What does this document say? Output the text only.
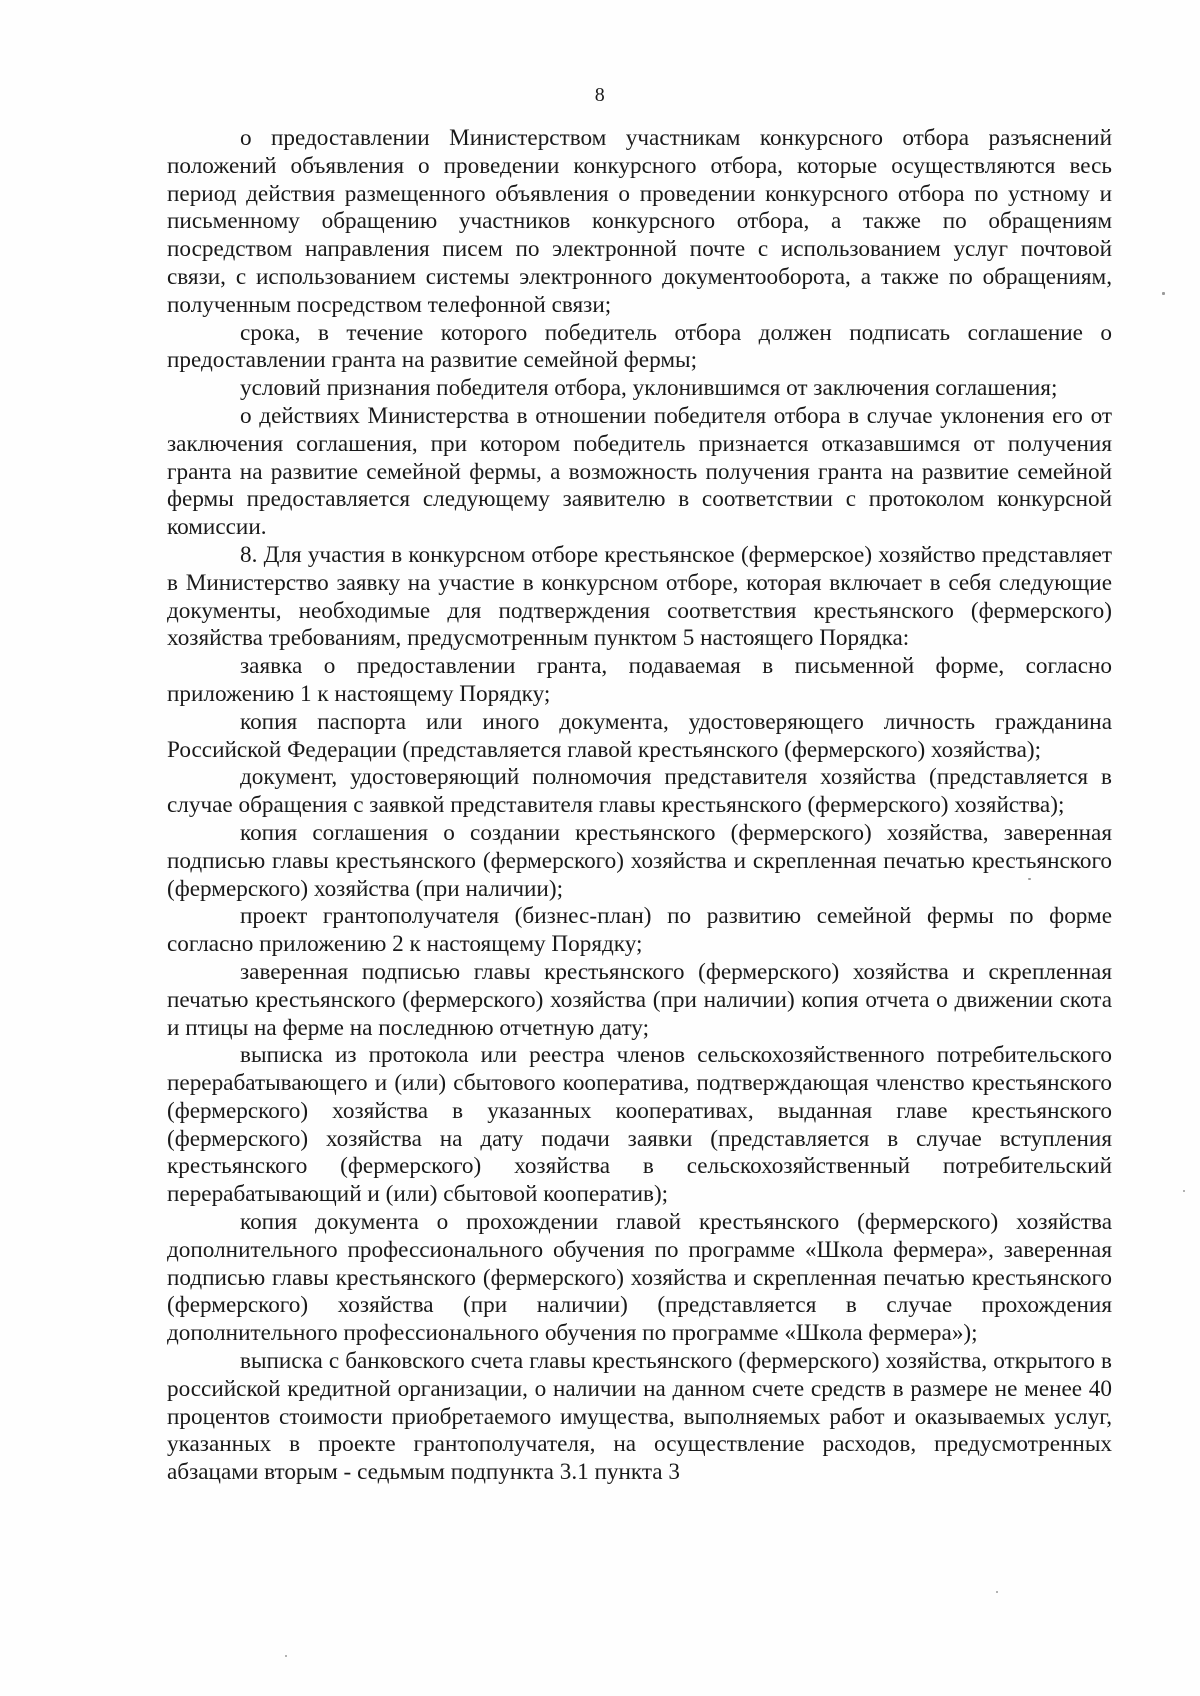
8

о предоставлении Министерством участникам конкурсного отбора разъяснений положений объявления о проведении конкурсного отбора, которые осуществляются весь период действия размещенного объявления о проведении конкурсного отбора по устному и письменному обращению участников конкурсного отбора, а также по обращениям посредством направления писем по электронной почте с использованием услуг почтовой связи, с использованием системы электронного документооборота, а также по обращениям, полученным посредством телефонной связи;

срока, в течение которого победитель отбора должен подписать соглашение о предоставлении гранта на развитие семейной фермы;

условий признания победителя отбора, уклонившимся от заключения соглашения;

о действиях Министерства в отношении победителя отбора в случае уклонения его от заключения соглашения, при котором победитель признается отказавшимся от получения гранта на развитие семейной фермы, а возможность получения гранта на развитие семейной фермы предоставляется следующему заявителю в соответствии с протоколом конкурсной комиссии.

8. Для участия в конкурсном отборе крестьянское (фермерское) хозяйство представляет в Министерство заявку на участие в конкурсном отборе, которая включает в себя следующие документы, необходимые для подтверждения соответствия крестьянского (фермерского) хозяйства требованиям, предусмотренным пунктом 5 настоящего Порядка:

заявка о предоставлении гранта, подаваемая в письменной форме, согласно приложению 1 к настоящему Порядку;

копия паспорта или иного документа, удостоверяющего личность гражданина Российской Федерации (представляется главой крестьянского (фермерского) хозяйства);

документ, удостоверяющий полномочия представителя хозяйства (представляется в случае обращения с заявкой представителя главы крестьянского (фермерского) хозяйства);

копия соглашения о создании крестьянского (фермерского) хозяйства, заверенная подписью главы крестьянского (фермерского) хозяйства и скрепленная печатью крестьянского (фермерского) хозяйства (при наличии);

проект грантополучателя (бизнес-план) по развитию семейной фермы по форме согласно приложению 2 к настоящему Порядку;

заверенная подписью главы крестьянского (фермерского) хозяйства и скрепленная печатью крестьянского (фермерского) хозяйства (при наличии) копия отчета о движении скота и птицы на ферме на последнюю отчетную дату;

выписка из протокола или реестра членов сельскохозяйственного потребительского перерабатывающего и (или) сбытового кооператива, подтверждающая членство крестьянского (фермерского) хозяйства в указанных кооперативах, выданная главе крестьянского (фермерского) хозяйства на дату подачи заявки (представляется в случае вступления крестьянского (фермерского) хозяйства в сельскохозяйственный потребительский перерабатывающий и (или) сбытовой кооператив);

копия документа о прохождении главой крестьянского (фермерского) хозяйства дополнительного профессионального обучения по программе «Школа фермера», заверенная подписью главы крестьянского (фермерского) хозяйства и скрепленная печатью крестьянского (фермерского) хозяйства (при наличии) (представляется в случае прохождения дополнительного профессионального обучения по программе «Школа фермера»);

выписка с банковского счета главы крестьянского (фермерского) хозяйства, открытого в российской кредитной организации, о наличии на данном счете средств в размере не менее 40 процентов стоимости приобретаемого имущества, выполняемых работ и оказываемых услуг, указанных в проекте грантополучателя, на осуществление расходов, предусмотренных абзацами вторым - седьмым подпункта 3.1 пункта 3
